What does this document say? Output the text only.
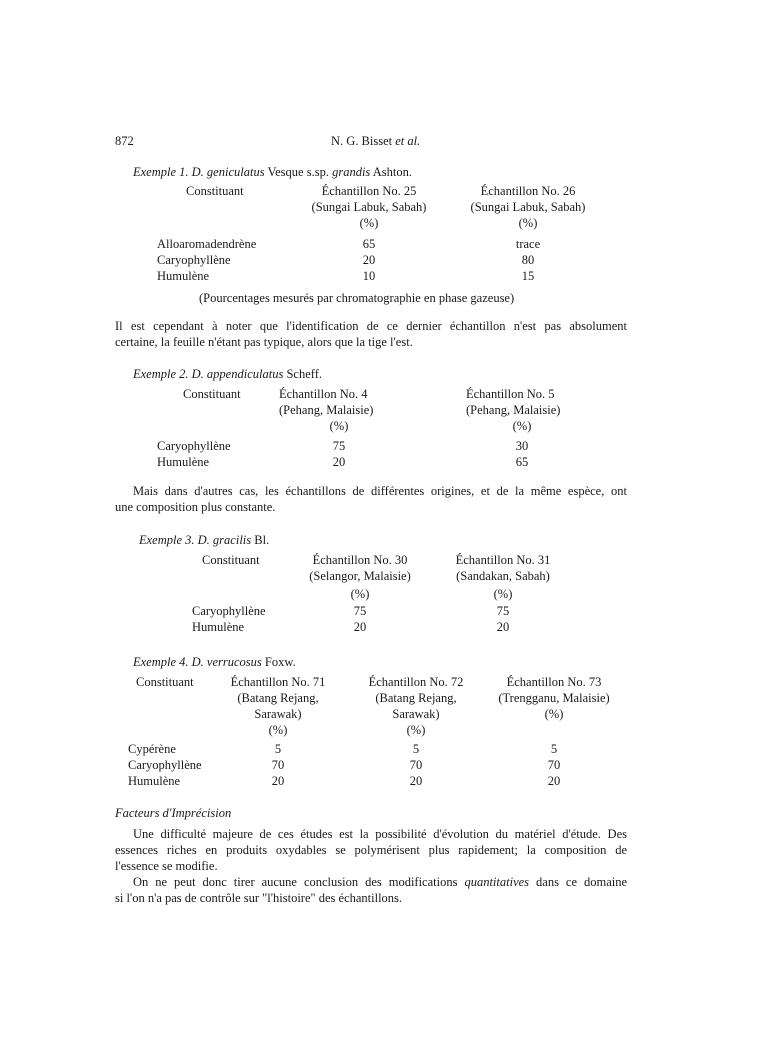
872	N. G. Bisset et al.
Exemple 1. D. geniculatus Vesque s.sp. grandis Ashton.
Constituant	Échantillon No. 25
(Sungai Labuk, Sabah)
(%)
Échantillon No. 26
(Sungai Labuk, Sabah)
(%)
Alloaromadendrène	65	trace
Caryophyllène	20	80
Humulène	10	15
(Pourcentages mesurés par chromatographie en phase gazeuse)

Il est cependant à noter que l'identification de ce dernier échantillon n'est pas absolument

certaine, la feuille n'étant pas typique, alors que la tige l'est.

Exemple 2. D. appendiculatus Scheff.
Constituant	Échantillon No. 4
(Pehang, Malaisie)
(%)
Échantillon No. 5
(Pehang, Malaisie)
(%)
Caryophyllène	75	30
Humulène	20	65

Mais dans d'autres cas, les échantillons de différentes origines, et de la même espèce, ont

une composition plus constante.

Exemple 3. D. gracilis Bl.
Constituant	Échantillon No. 30
(Selangor, Malaisie)
(%)
Échantillon No. 31
(Sandakan, Sabah)
(%)
Caryophyllène	75	75
Humulène	20	20
Exemple 4. D. verrucosus Foxw.
Constituant	Échantillon No. 71
(Batang Rejang,
Sarawak)
(%)
Échantillon No. 72
(Batang Rejang,
Sarawak)
(%)
Échantillon No. 73
(Trengganu, Malaisie)
(%)
Cypérène	5	5	5
Caryophyllène	70	70	70
Humulène	20	20	20
Facteurs d'Imprécision

Une difficulté majeure de ces études est la possibilité d'évolution du matériel d'étude. Des

essences riches en produits oxydables se polymérisent plus rapidement; la composition de

l'essence se modifie.

On ne peut donc tirer aucune conclusion des modifications quantitatives dans ce domaine

si l'on n'a pas de contrôle sur "l'histoire" des échantillons.
